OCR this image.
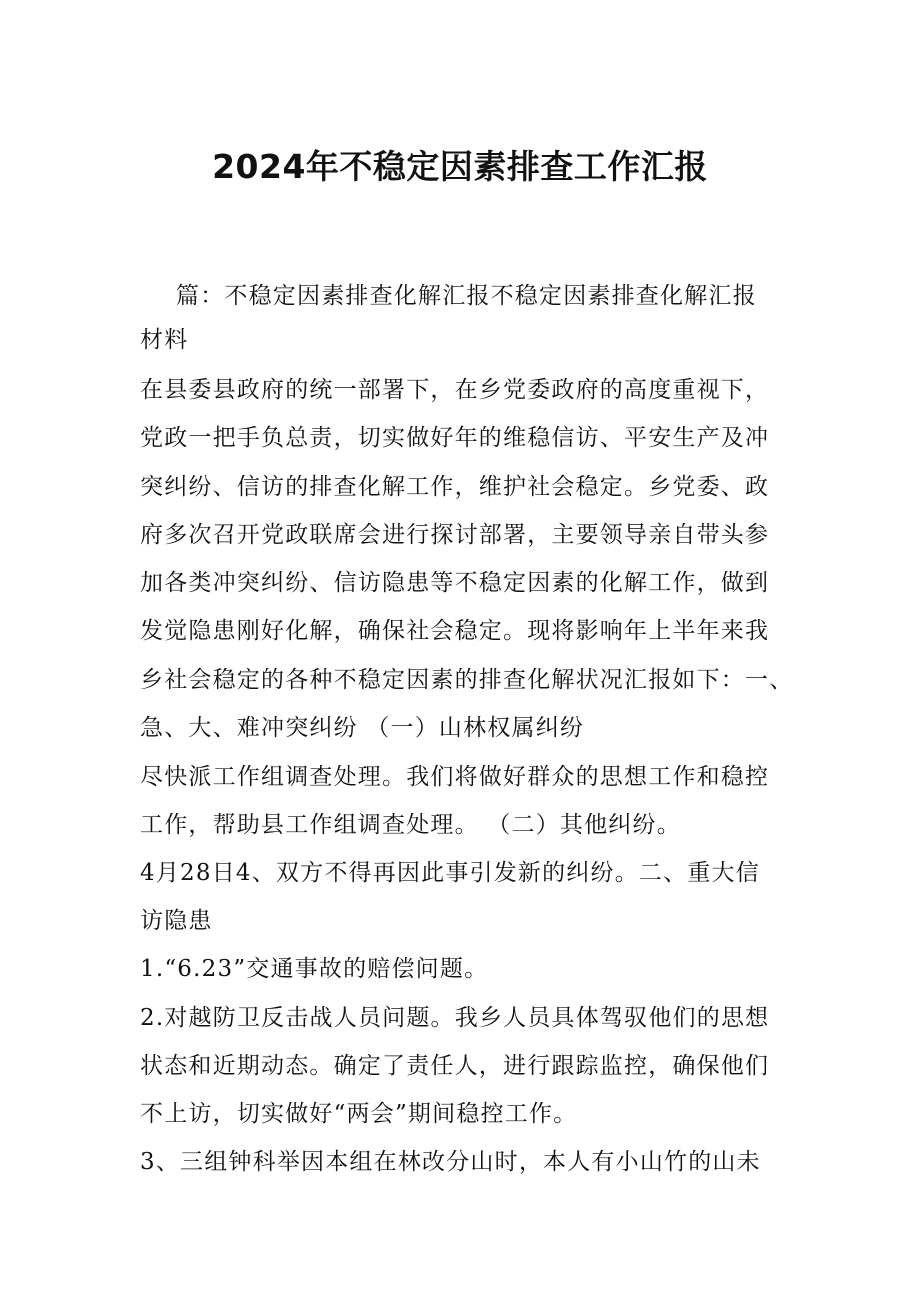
2024年不稳定因素排查工作汇报
篇：不稳定因素排查化解汇报不稳定因素排查化解汇报
材料
在县委县政府的统一部署下，在乡党委政府的高度重视下，
党政一把手负总责，切实做好年的维稳信访、平安生产及冲
突纠纷、信访的排查化解工作，维护社会稳定。乡党委、政
府多次召开党政联席会进行探讨部署，主要领导亲自带头参
加各类冲突纠纷、信访隐患等不稳定因素的化解工作，做到
发觉隐患刚好化解，确保社会稳定。现将影响年上半年来我
乡社会稳定的各种不稳定因素的排查化解状况汇报如下：一、
急、大、难冲突纠纷 （一）山林权属纠纷
尽快派工作组调查处理。我们将做好群众的思想工作和稳控
工作，帮助县工作组调查处理。 （二）其他纠纷。
4月28日4、双方不得再因此事引发新的纠纷。二、重大信
访隐患
1.“6.23”交通事故的赔偿问题。
2.对越防卫反击战人员问题。我乡人员具体驾驭他们的思想
状态和近期动态。确定了责任人，进行跟踪监控，确保他们
不上访，切实做好“两会”期间稳控工作。
3、三组钟科举因本组在林改分山时，本人有小山竹的山未
